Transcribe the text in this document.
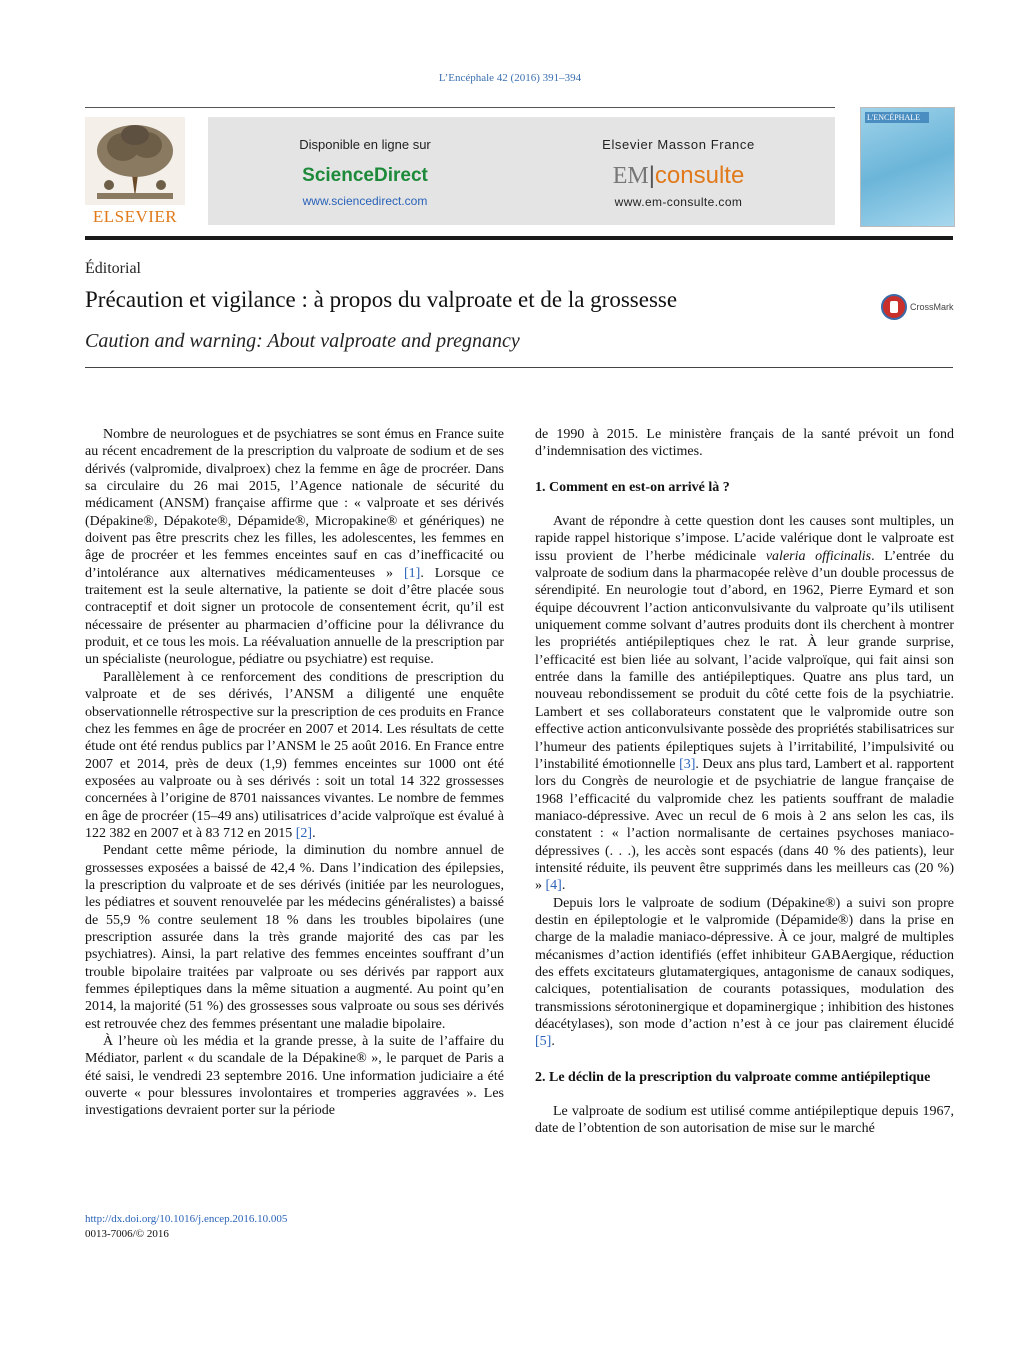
L’Encéphale 42 (2016) 391–394
ELSEVIER
Disponible en ligne sur
ScienceDirect
www.sciencedirect.com
Elsevier Masson France
EM|consulte
www.em-consulte.com
L'ENCÉPHALE
Éditorial
Précaution et vigilance : à propos du valproate et de la grossesse
Caution and warning: About valproate and pregnancy
CrossMark

Nombre de neurologues et de psychiatres se sont émus en France suite au récent encadrement de la prescription du valproate de sodium et de ses dérivés (valpromide, divalproex) chez la femme en âge de procréer. Dans sa circulaire du 26 mai 2015, l’Agence nationale de sécurité du médicament (ANSM) française affirme que : « valproate et ses dérivés (Dépakine®, Dépakote®, Dépamide®, Micropakine® et génériques) ne doivent pas être prescrits chez les filles, les adolescentes, les femmes en âge de procréer et les femmes enceintes sauf en cas d’inefficacité ou d’intolérance aux alternatives médicamenteuses » [1]. Lorsque ce traitement est la seule alternative, la patiente se doit d’être placée sous contraceptif et doit signer un protocole de consentement écrit, qu’il est nécessaire de présenter au pharmacien d’officine pour la délivrance du produit, et ce tous les mois. La réévaluation annuelle de la prescription par un spécialiste (neurologue, pédiatre ou psychiatre) est requise.

Parallèlement à ce renforcement des conditions de prescription du valproate et de ses dérivés, l’ANSM a diligenté une enquête observationnelle rétrospective sur la prescription de ces produits en France chez les femmes en âge de procréer en 2007 et 2014. Les résultats de cette étude ont été rendus publics par l’ANSM le 25 août 2016. En France entre 2007 et 2014, près de deux (1,9) femmes enceintes sur 1000 ont été exposées au valproate ou à ses dérivés : soit un total 14 322 grossesses concernées à l’origine de 8701 naissances vivantes. Le nombre de femmes en âge de procréer (15–49 ans) utilisatrices d’acide valproïque est évalué à 122 382 en 2007 et à 83 712 en 2015 [2].

Pendant cette même période, la diminution du nombre annuel de grossesses exposées a baissé de 42,4 %. Dans l’indication des épilepsies, la prescription du valproate et de ses dérivés (initiée par les neurologues, les pédiatres et souvent renouvelée par les médecins généralistes) a baissé de 55,9 % contre seulement 18 % dans les troubles bipolaires (une prescription assurée dans la très grande majorité des cas par les psychiatres). Ainsi, la part relative des femmes enceintes souffrant d’un trouble bipolaire traitées par valproate ou ses dérivés par rapport aux femmes épileptiques dans la même situation a augmenté. Au point qu’en 2014, la majorité (51 %) des grossesses sous valproate ou sous ses dérivés est retrouvée chez des femmes présentant une maladie bipolaire.

À l’heure où les média et la grande presse, à la suite de l’affaire du Médiator, parlent « du scandale de la Dépakine® », le parquet de Paris a été saisi, le vendredi 23 septembre 2016. Une information judiciaire a été ouverte « pour blessures involontaires et tromperies aggravées ». Les investigations devraient porter sur la période

de 1990 à 2015. Le ministère français de la santé prévoit un fond d’indemnisation des victimes.

1. Comment en est-on arrivé là ?

Avant de répondre à cette question dont les causes sont multiples, un rapide rappel historique s’impose. L’acide valérique dont le valproate est issu provient de l’herbe médicinale valeria officinalis. L’entrée du valproate de sodium dans la pharmacopée relève d’un double processus de sérendipité. En neurologie tout d’abord, en 1962, Pierre Eymard et son équipe découvrent l’action anticonvulsivante du valproate qu’ils utilisent uniquement comme solvant d’autres produits dont ils cherchent à montrer les propriétés antiépileptiques chez le rat. À leur grande surprise, l’efficacité est bien liée au solvant, l’acide valproïque, qui fait ainsi son entrée dans la famille des antiépileptiques. Quatre ans plus tard, un nouveau rebondissement se produit du côté cette fois de la psychiatrie. Lambert et ses collaborateurs constatent que le valpromide outre son effective action anticonvulsivante possède des propriétés stabilisatrices sur l’humeur des patients épileptiques sujets à l’irritabilité, l’impulsivité ou l’instabilité émotionnelle [3]. Deux ans plus tard, Lambert et al. rapportent lors du Congrès de neurologie et de psychiatrie de langue française de 1968 l’efficacité du valpromide chez les patients souffrant de maladie maniaco-dépressive. Avec un recul de 6 mois à 2 ans selon les cas, ils constatent : « l’action normalisante de certaines psychoses maniaco-dépressives (. . .), les accès sont espacés (dans 40 % des patients), leur intensité réduite, ils peuvent être supprimés dans les meilleurs cas (20 %) » [4].

Depuis lors le valproate de sodium (Dépakine®) a suivi son propre destin en épileptologie et le valpromide (Dépamide®) dans la prise en charge de la maladie maniaco-dépressive. À ce jour, malgré de multiples mécanismes d’action identifiés (effet inhibiteur GABAergique, réduction des effets excitateurs glutamatergiques, antagonisme de canaux sodiques, calciques, potentialisation de courants potassiques, modulation des transmissions sérotoninergique et dopaminergique ; inhibition des histones déacétylases), son mode d’action n’est à ce jour pas clairement élucidé [5].

2. Le déclin de la prescription du valproate comme antiépileptique

Le valproate de sodium est utilisé comme antiépileptique depuis 1967, date de l’obtention de son autorisation de mise sur le marché

http://dx.doi.org/10.1016/j.encep.2016.10.005
0013-7006/© 2016
